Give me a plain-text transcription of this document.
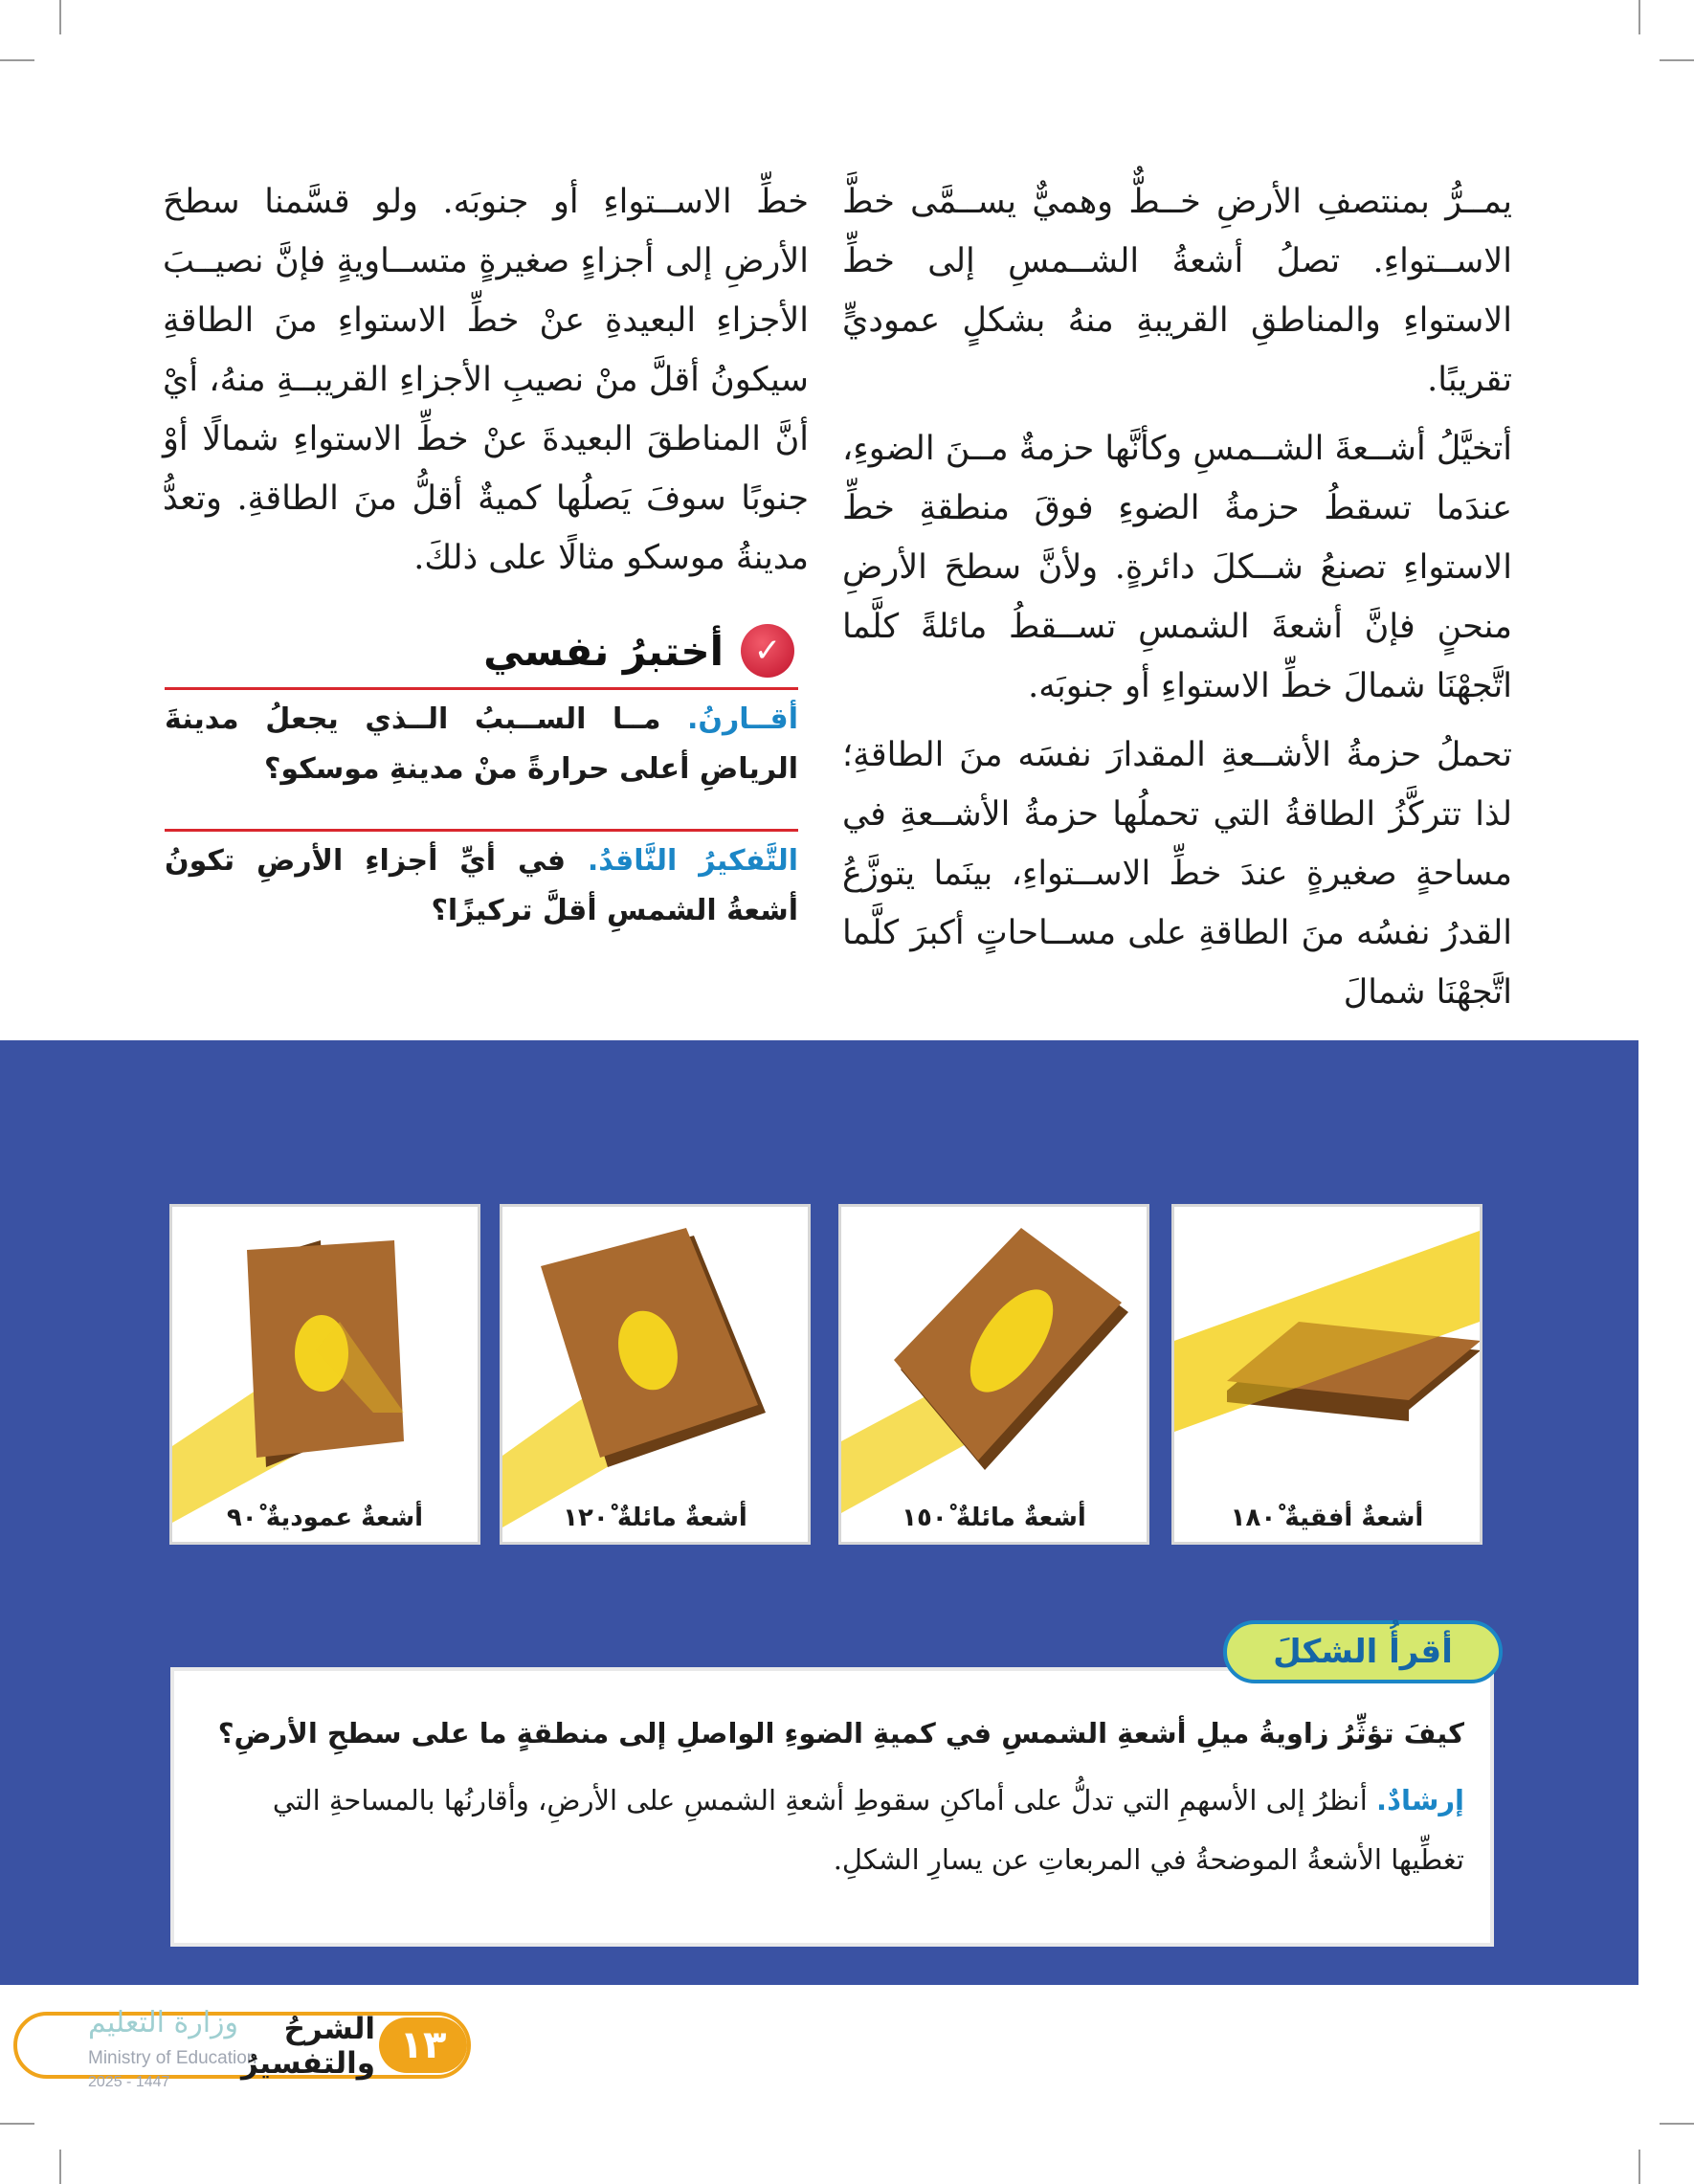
يمــرُّ بمنتصفِ الأرضِ خــطٌّ وهميٌّ يســمَّى خطَّ الاســتواءِ. تصلُ أشعةُ الشــمسِ إلى خطِّ الاستواءِ والمناطقِ القريبةِ منهُ بشكلٍ عموديٍّ تقريبًا.

أتخيَّلُ أشــعةَ الشــمسِ وكأنَّها حزمةٌ مــنَ الضوءِ، عندَما تسقطُ حزمةُ الضوءِ فوقَ منطقةِ خطِّ الاستواءِ تصنعُ شــكلَ دائرةٍ. ولأنَّ سطحَ الأرضِ منحنٍ فإنَّ أشعةَ الشمسِ تســقطُ مائلةً كلَّما اتَّجهْنَا شمالَ خطِّ الاستواءِ أو جنوبَه.

تحملُ حزمةُ الأشــعةِ المقدارَ نفسَه منَ الطاقةِ؛ لذا تتركَّزُ الطاقةُ التي تحملُها حزمةُ الأشــعةِ في مساحةٍ صغيرةٍ عندَ خطِّ الاســتواءِ، بينَما يتوزَّعُ القدرُ نفسُه منَ الطاقةِ على مســاحاتٍ أكبرَ كلَّما اتَّجهْنَا شمالَ

خطِّ الاســتواءِ أو جنوبَه. ولو قسَّمنا سطحَ الأرضِ إلى أجزاءٍ صغيرةٍ متســاويةٍ فإنَّ نصيــبَ الأجزاءِ البعيدةِ عنْ خطِّ الاستواءِ منَ الطاقةِ سيكونُ أقلَّ منْ نصيبِ الأجزاءِ القريبــةِ منهُ، أيْ أنَّ المناطقَ البعيدةَ عنْ خطِّ الاستواءِ شمالًا أوْ جنوبًا سوفَ يَصلُها كميةٌ أقلُّ منَ الطاقةِ. وتعدُّ مدينةُ موسكو مثالًا على ذلكَ.

✓
أختبرُ نفسي
أقــارنُ. مــا الســببُ الــذي يجعلُ مدينةَ الرياضِ أعلى حرارةً منْ مدينةِ موسكو؟
التَّفكيرُ النَّاقدُ. في أيِّ أجزاءِ الأرضِ تكونُ أشعةُ الشمسِ أقلَّ تركيزًا؟
أشعةٌ عموديةٌ ٩٠ْ	أشعةٌ مائلةٌ ١٢٠ْ	أشعةٌ مائلةٌ ١٥٠ْ	أشعةٌ أفقيةٌ ١٨٠ْ
أقرأُ الشكلَ
كيفَ تؤثِّرُ زاويةُ ميلِ أشعةِ الشمسِ في كميةِ الضوءِ الواصلِ إلى منطقةٍ ما على سطحِ الأرضِ؟
إرشادٌ. أنظرُ إلى الأسهمِ التي تدلُّ على أماكنِ سقوطِ أشعةِ الشمسِ على الأرضِ، وأقارنُها بالمساحةِ التي تغطِّيها الأشعةُ الموضحةُ في المربعاتِ عن يسارِ الشكلِ.
وزارة التعليم
Ministry of Education
2025 - 1447
الشرحُ والتفسيرُ ١٣
